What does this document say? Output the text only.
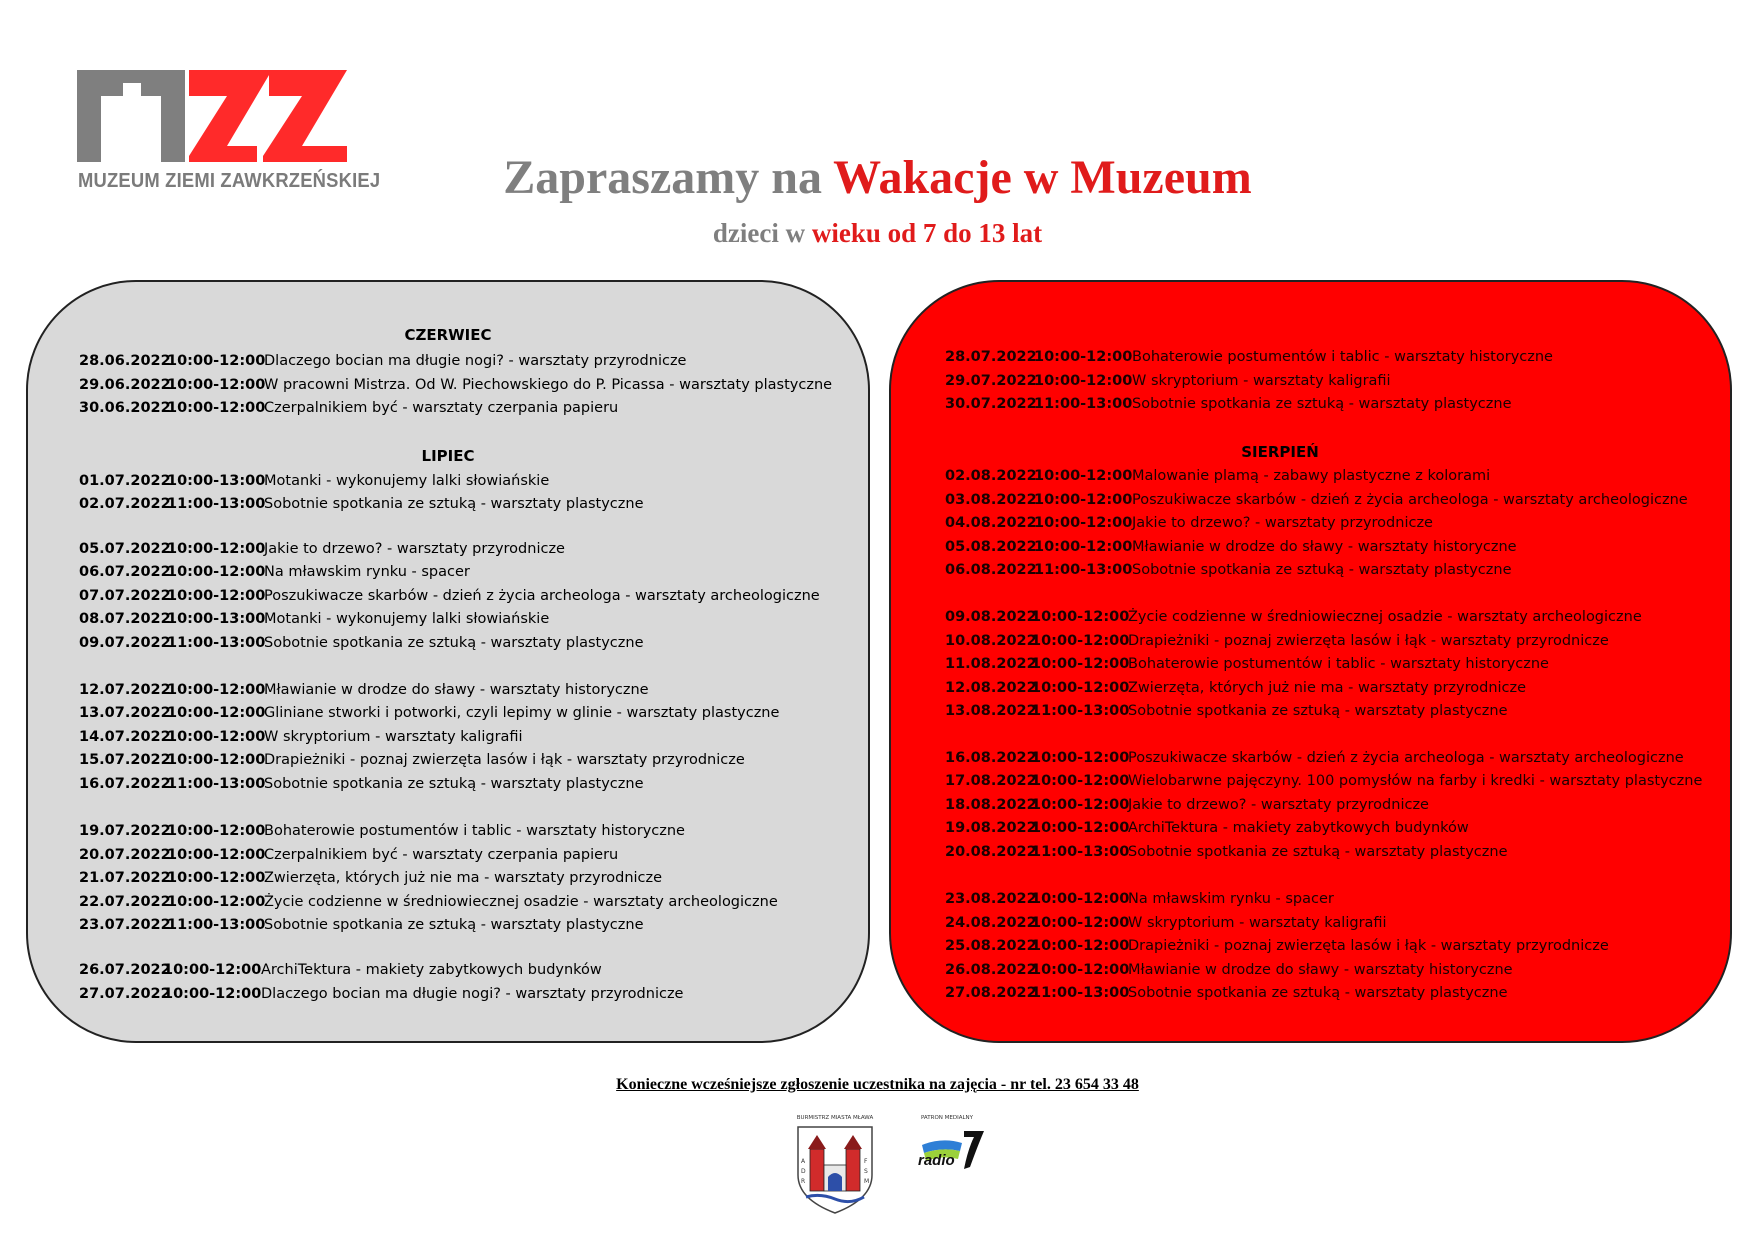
MUZEUM ZIEMI ZAWKRZEŃSKIEJ	Zapraszamy na Wakacje w Muzeum
dzieci w wieku od 7 do 13 lat
CZERWIEC
LIPIEC	SIERPIEŃ
28.06.2022
10:00-12:00
Dlaczego bocian ma długie nogi? - warsztaty przyrodnicze
29.06.2022
10:00-12:00
W pracowni Mistrza. Od W. Piechowskiego do P. Picassa - warsztaty plastyczne
30.06.2022
10:00-12:00
Czerpalnikiem być - warsztaty czerpania papieru
01.07.2022
10:00-13:00
Motanki - wykonujemy lalki słowiańskie
02.07.2022
11:00-13:00
Sobotnie spotkania ze sztuką - warsztaty plastyczne
05.07.2022
10:00-12:00
Jakie to drzewo? - warsztaty przyrodnicze
06.07.2022
10:00-12:00
Na mławskim rynku - spacer
07.07.2022
10:00-12:00
Poszukiwacze skarbów - dzień z życia archeologa - warsztaty archeologiczne
08.07.2022
10:00-13:00
Motanki - wykonujemy lalki słowiańskie
09.07.2022
11:00-13:00
Sobotnie spotkania ze sztuką - warsztaty plastyczne
12.07.2022
10:00-12:00
Mławianie w drodze do sławy - warsztaty historyczne
13.07.2022
10:00-12:00
Gliniane stworki i potworki, czyli lepimy w glinie - warsztaty plastyczne
14.07.2022
10:00-12:00
W skryptorium - warsztaty kaligrafii
15.07.2022
10:00-12:00
Drapieżniki - poznaj zwierzęta lasów i łąk - warsztaty przyrodnicze
16.07.2022
11:00-13:00
Sobotnie spotkania ze sztuką - warsztaty plastyczne
19.07.2022
10:00-12:00
Bohaterowie postumentów i tablic - warsztaty historyczne
20.07.2022
10:00-12:00
Czerpalnikiem być - warsztaty czerpania papieru
21.07.2022
10:00-12:00
Zwierzęta, których już nie ma - warsztaty przyrodnicze
22.07.2022
10:00-12:00
Życie codzienne w średniowiecznej osadzie - warsztaty archeologiczne
23.07.2022
11:00-13:00
Sobotnie spotkania ze sztuką - warsztaty plastyczne
26.07.2022
10:00-12:00 ArchiTektura - makiety zabytkowych budynków
27.07.2022
10:00-12:00 Dlaczego bocian ma długie nogi? - warsztaty przyrodnicze
28.07.2022
10:00-12:00 Bohaterowie postumentów i tablic - warsztaty historyczne
29.07.2022
10:00-12:00 W skryptorium - warsztaty kaligrafii
30.07.2022
11:00-13:00 Sobotnie spotkania ze sztuką - warsztaty plastyczne
02.08.2022
10:00-12:00 Malowanie plamą - zabawy plastyczne z kolorami
03.08.2022
10:00-12:00 Poszukiwacze skarbów - dzień z życia archeologa - warsztaty archeologiczne
04.08.2022
10:00-12:00 Jakie to drzewo? - warsztaty przyrodnicze
05.08.2022
10:00-12:00 Mławianie w drodze do sławy - warsztaty historyczne
06.08.2022
11:00-13:00 Sobotnie spotkania ze sztuką - warsztaty plastyczne
09.08.2022
10:00-12:00
Życie codzienne w średniowiecznej osadzie - warsztaty archeologiczne
10.08.2022
10:00-12:00
Drapieżniki - poznaj zwierzęta lasów i łąk - warsztaty przyrodnicze
11.08.2022
10:00-12:00
Bohaterowie postumentów i tablic - warsztaty historyczne
12.08.2022
10:00-12:00
Zwierzęta, których już nie ma - warsztaty przyrodnicze
13.08.2022
11:00-13:00
Sobotnie spotkania ze sztuką - warsztaty plastyczne
16.08.2022
10:00-12:00
Poszukiwacze skarbów - dzień z życia archeologa - warsztaty archeologiczne
17.08.2022
10:00-12:00
Wielobarwne pajęczyny. 100 pomysłów na farby i kredki - warsztaty plastyczne
18.08.2022
10:00-12:00
Jakie to drzewo? - warsztaty przyrodnicze
19.08.2022
10:00-12:00
ArchiTektura - makiety zabytkowych budynków
20.08.2022
11:00-13:00
Sobotnie spotkania ze sztuką - warsztaty plastyczne
23.08.2022
10:00-12:00
Na mławskim rynku - spacer
24.08.2022
10:00-12:00
W skryptorium - warsztaty kaligrafii
25.08.2022
10:00-12:00
Drapieżniki - poznaj zwierzęta lasów i łąk - warsztaty przyrodnicze
26.08.2022
10:00-12:00
Mławianie w drodze do sławy - warsztaty historyczne
27.08.2022
11:00-13:00
Sobotnie spotkania ze sztuką - warsztaty plastyczne
Konieczne wcześniejsze zgłoszenie uczestnika na zajęcia - nr tel. 23 654 33 48
BURMISTRZ MIASTA MŁAWA
A
D
R
F
S
M
PATRON MEDIALNY
radio
